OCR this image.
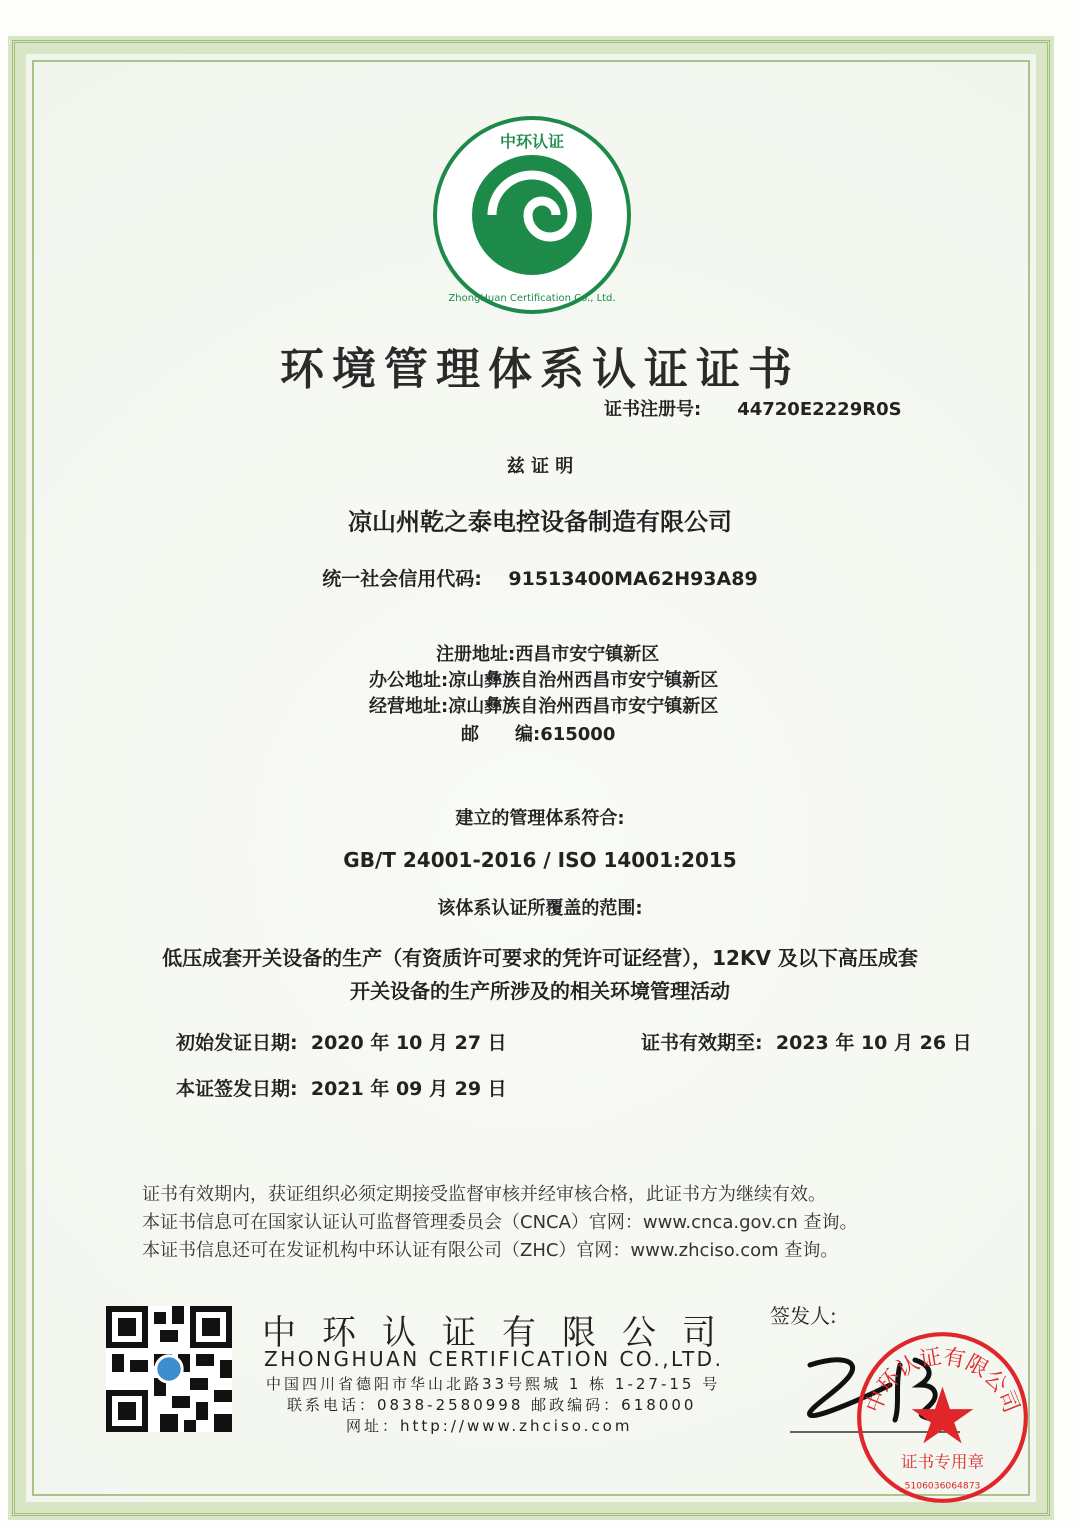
中环认证
ZhongHuan Certification Co., Ltd.
环境管理体系认证证书
证书注册号: 44720E2229R0S
兹 证 明
凉山州乾之泰电控设备制造有限公司
统一社会信用代码: 91513400MA62H93A89
注册地址:西昌市安宁镇新区
办公地址:凉山彝族自治州西昌市安宁镇新区
经营地址:凉山彝族自治州西昌市安宁镇新区
邮　　编:615000
建立的管理体系符合:
GB/T 24001-2016 / ISO 14001:2015
该体系认证所覆盖的范围:
低压成套开关设备的生产（有资质许可要求的凭许可证经营），12KV 及以下高压成套
开关设备的生产所涉及的相关环境管理活动
初始发证日期: 2020 年 10 月 27 日	证书有效期至: 2023 年 10 月 26 日
本证签发日期: 2021 年 09 月 29 日
证书有效期内，获证组织必须定期接受监督审核并经审核合格，此证书方为继续有效。
本证书信息可在国家认证认可监督管理委员会（CNCA）官网：www.cnca.gov.cn 查询。
本证书信息还可在发证机构中环认证有限公司（ZHC）官网：www.zhciso.com 查询。
中环认证有限公司
ZHONGHUAN CERTIFICATION CO.,LTD.
中国四川省德阳市华山北路33号熙城 1 栋 1-27-15 号
联系电话：0838-2580998 邮政编码：618000
网址：http://www.zhciso.com
签发人:
中环认证有限公司
证书专用章
5106036064873
